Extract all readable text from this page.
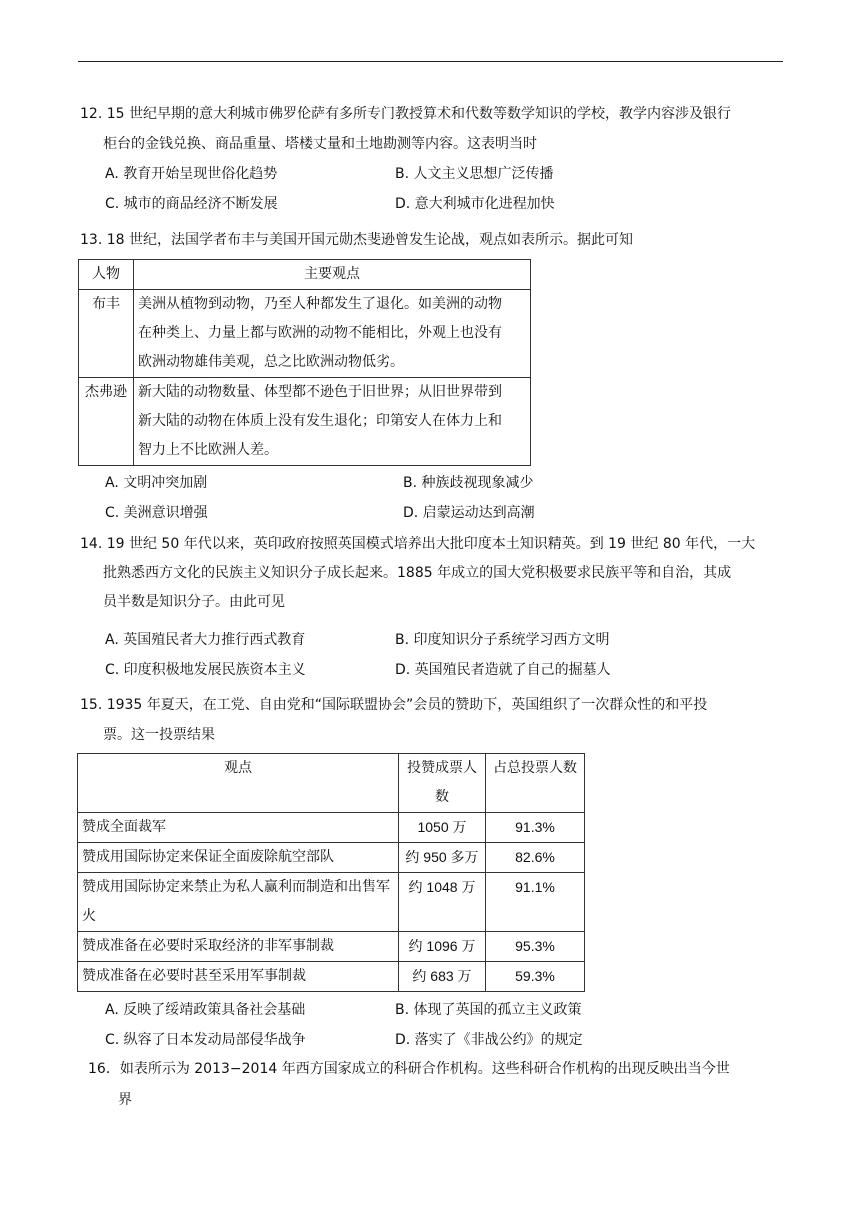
12. 15 世纪早期的意大利城市佛罗伦萨有多所专门教授算术和代数等数学知识的学校，教学内容涉及银行
柜台的金钱兑换、商品重量、塔楼丈量和土地勘测等内容。这表明当时
A. 教育开始呈现世俗化趋势	B. 人文主义思想广泛传播
C. 城市的商品经济不断发展	D. 意大利城市化进程加快
13. 18 世纪，法国学者布丰与美国开国元勋杰斐逊曾发生论战，观点如表所示。据此可知
人物	主要观点
布丰	美洲从植物到动物，乃至人种都发生了退化。如美洲的动物
在种类上、力量上都与欧洲的动物不能相比，外观上也没有
欧洲动物雄伟美观，总之比欧洲动物低劣。

杰弗逊	新大陆的动物数量、体型都不逊色于旧世界；从旧世界带到
新大陆的动物在体质上没有发生退化；印第安人在体力上和
智力上不比欧洲人差。
A. 文明冲突加剧	B. 种族歧视现象减少
C. 美洲意识增强	D. 启蒙运动达到高潮
14. 19 世纪 50 年代以来，英印政府按照英国模式培养出大批印度本土知识精英。到 19 世纪 80 年代，一大
批熟悉西方文化的民族主义知识分子成长起来。1885 年成立的国大党积极要求民族平等和自治，其成
员半数是知识分子。由此可见
A. 英国殖民者大力推行西式教育	B. 印度知识分子系统学习西方文明
C. 印度积极地发展民族资本主义	D. 英国殖民者造就了自己的掘墓人
15. 1935 年夏天，在工党、自由党和“国际联盟协会”会员的赞助下，英国组织了一次群众性的和平投
票。这一投票结果
观点	投赞成票人数	占总投票人数
赞成全面裁军	1050 万	91.3%
赞成用国际协定来保证全面废除航空部队	约 950 多万	82.6%
赞成用国际协定来禁止为私人赢利而制造和出售军火	约 1048 万	91.1%
赞成准备在必要时采取经济的非军事制裁	约 1096 万	95.3%
赞成准备在必要时甚至采用军事制裁	约 683 万	59.3%
A. 反映了绥靖政策具备社会基础	B. 体现了英国的孤立主义政策
C. 纵容了日本发动局部侵华战争	D. 落实了《非战公约》的规定
16．如表所示为 2013−2014 年西方国家成立的科研合作机构。这些科研合作机构的出现反映出当今世
界
